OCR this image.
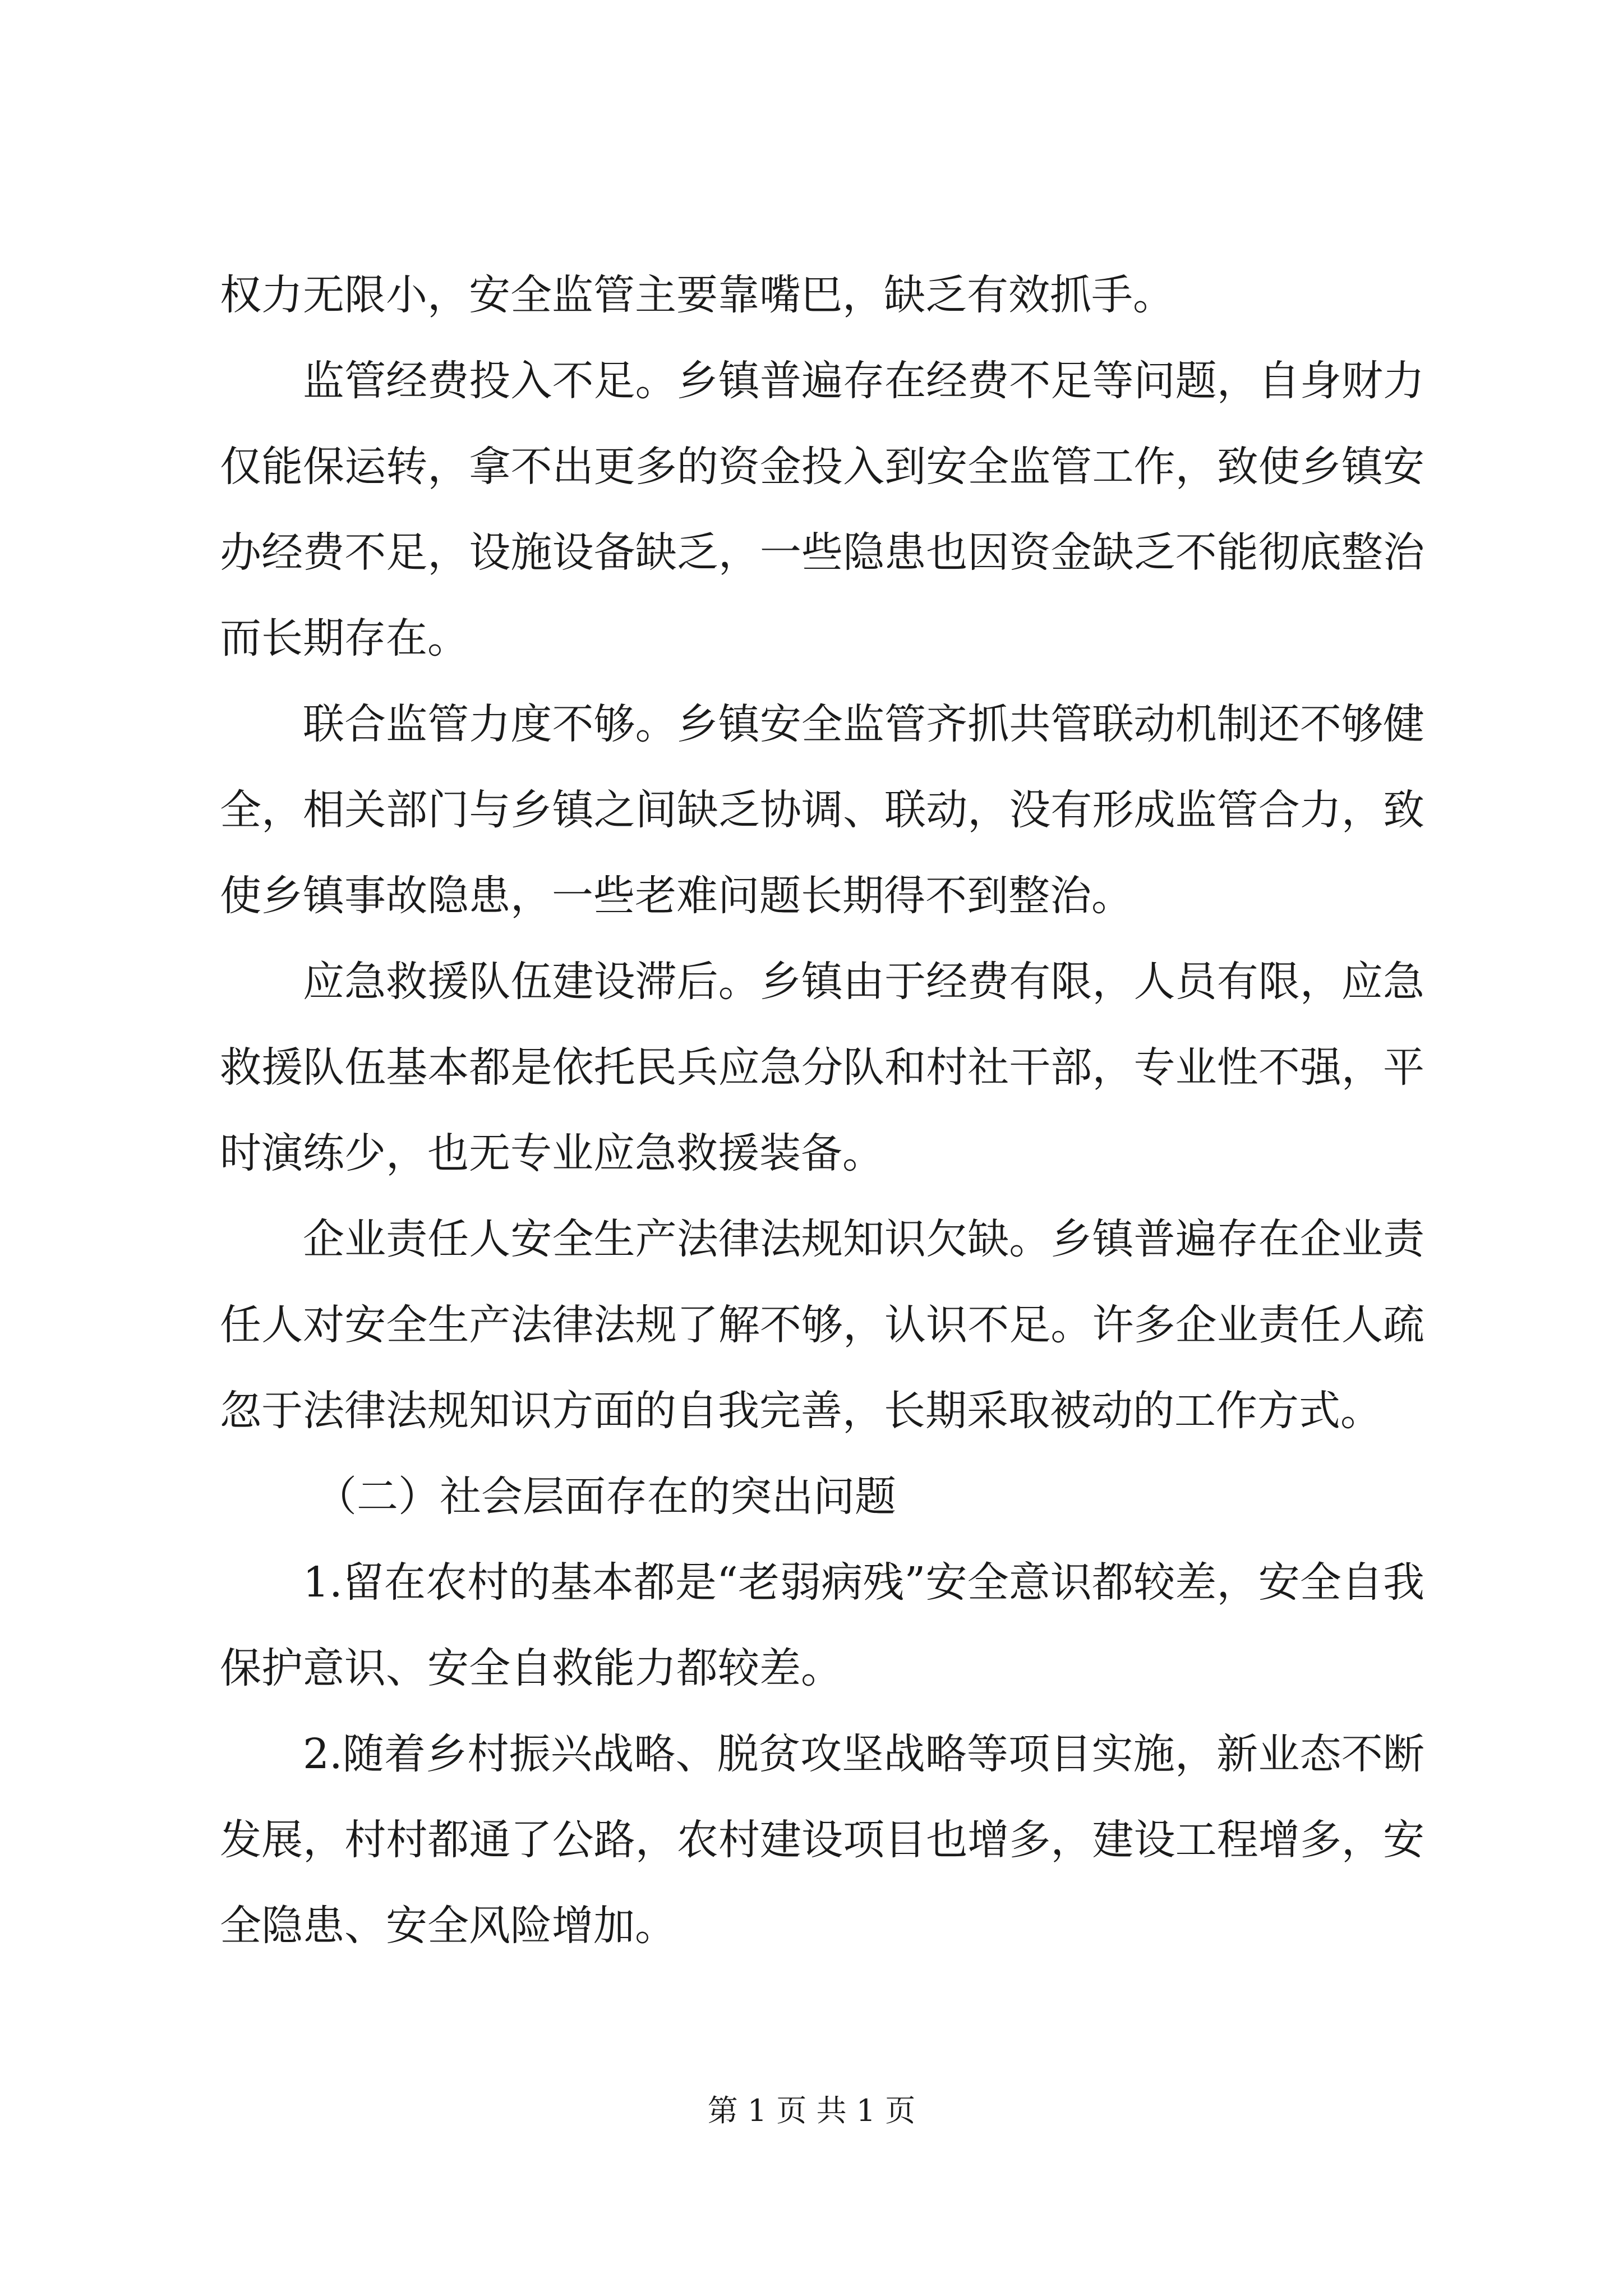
权力无限小，安全监管主要靠嘴巴，缺乏有效抓手。

监管经费投入不足。乡镇普遍存在经费不足等问题，自身财力仅能保运转，拿不出更多的资金投入到安全监管工作，致使乡镇安办经费不足，设施设备缺乏，一些隐患也因资金缺乏不能彻底整治而长期存在。

联合监管力度不够。乡镇安全监管齐抓共管联动机制还不够健全，相关部门与乡镇之间缺乏协调、联动，没有形成监管合力，致使乡镇事故隐患，一些老难问题长期得不到整治。

应急救援队伍建设滞后。乡镇由于经费有限，人员有限，应急救援队伍基本都是依托民兵应急分队和村社干部，专业性不强，平时演练少，也无专业应急救援装备。

企业责任人安全生产法律法规知识欠缺。乡镇普遍存在企业责任人对安全生产法律法规了解不够，认识不足。许多企业责任人疏忽于法律法规知识方面的自我完善，长期采取被动的工作方式。

（二）社会层面存在的突出问题

1.留在农村的基本都是“老弱病残”安全意识都较差，安全自我保护意识、安全自救能力都较差。

2.随着乡村振兴战略、脱贫攻坚战略等项目实施，新业态不断发展，村村都通了公路，农村建设项目也增多，建设工程增多，安全隐患、安全风险增加。

第 1 页 共 1 页
